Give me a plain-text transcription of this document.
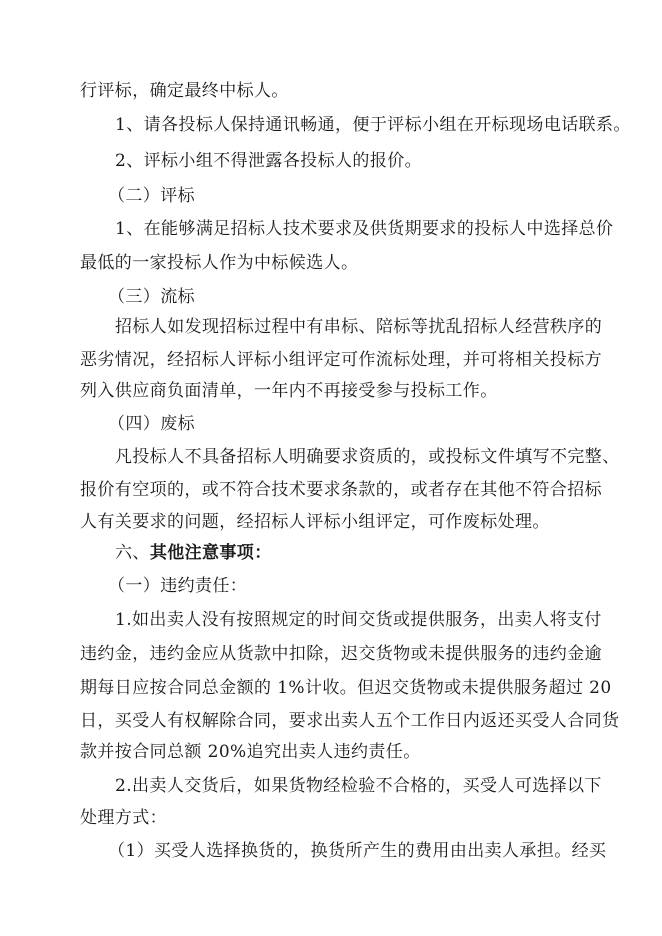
行评标，确定最终中标人。
1、请各投标人保持通讯畅通，便于评标小组在开标现场电话联系。
2、评标小组不得泄露各投标人的报价。
（二）评标
1、在能够满足招标人技术要求及供货期要求的投标人中选择总价
最低的一家投标人作为中标候选人。
（三）流标
招标人如发现招标过程中有串标、陪标等扰乱招标人经营秩序的
恶劣情况，经招标人评标小组评定可作流标处理，并可将相关投标方
列入供应商负面清单，一年内不再接受参与投标工作。
（四）废标
凡投标人不具备招标人明确要求资质的，或投标文件填写不完整、
报价有空项的，或不符合技术要求条款的，或者存在其他不符合招标
人有关要求的问题，经招标人评标小组评定，可作废标处理。
六、其他注意事项：
（一）违约责任：
1.如出卖人没有按照规定的时间交货或提供服务，出卖人将支付
违约金，违约金应从货款中扣除，迟交货物或未提供服务的违约金逾
期每日应按合同总金额的 1%计收。但迟交货物或未提供服务超过 20
日，买受人有权解除合同，要求出卖人五个工作日内返还买受人合同货
款并按合同总额 20%追究出卖人违约责任。
2.出卖人交货后，如果货物经检验不合格的，买受人可选择以下
处理方式：
（1）买受人选择换货的，换货所产生的费用由出卖人承担。经买
